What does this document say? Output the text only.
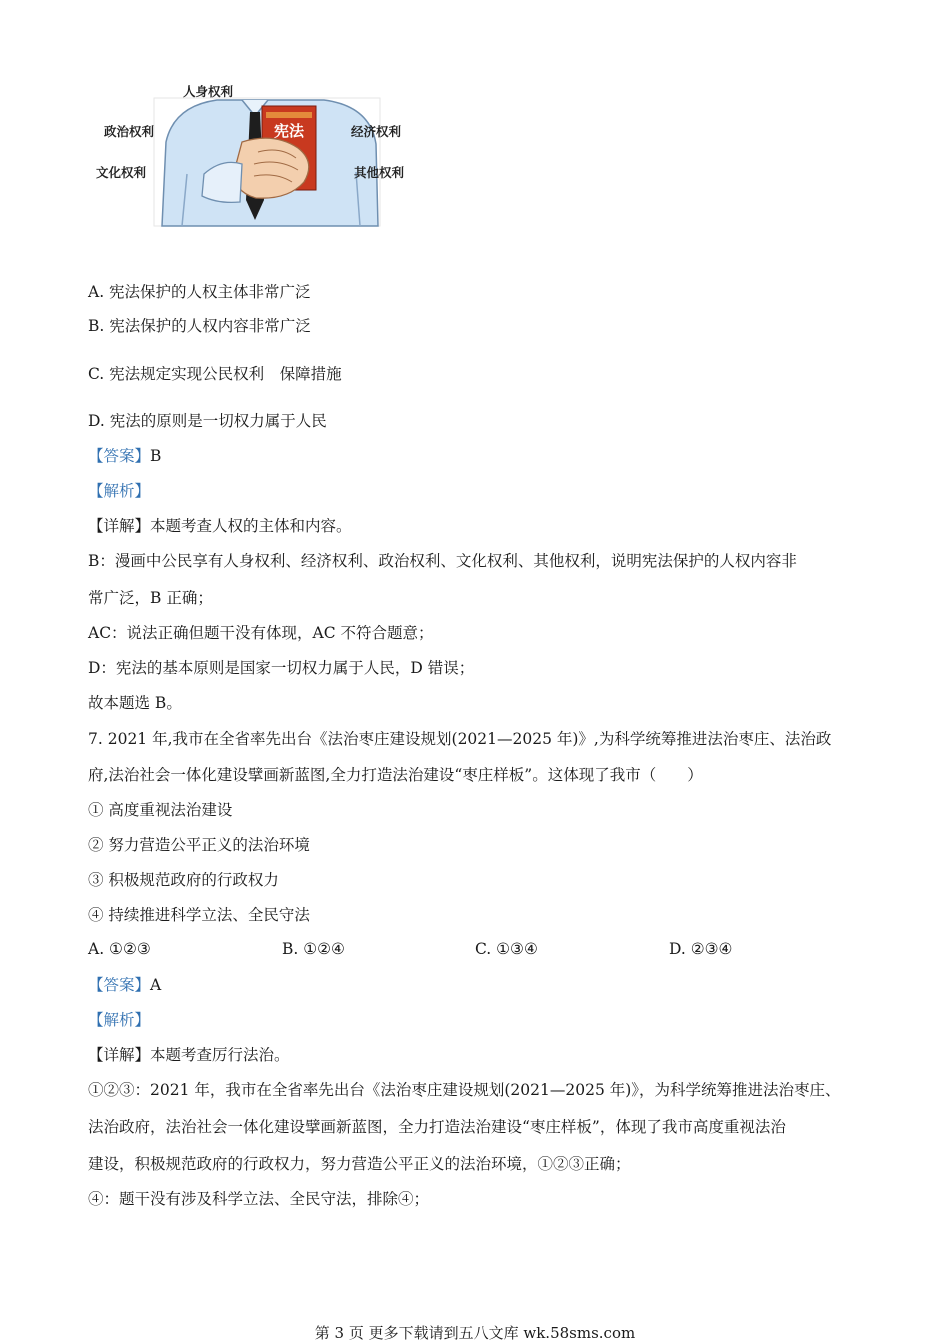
宪法
人身权利
政治权利
文化权利
经济权利
其他权利
A. 宪法保护的人权主体非常广泛
B. 宪法保护的人权内容非常广泛
C. 宪法规定实现公民权利　保障措施
D. 宪法的原则是一切权力属于人民
【答案】B
【解析】
【详解】本题考查人权的主体和内容。
B：漫画中公民享有人身权利、经济权利、政治权利、文化权利、其他权利，说明宪法保护的人权内容非
常广泛，B 正确；
AC：说法正确但题干没有体现，AC 不符合题意；
D：宪法的基本原则是国家一切权力属于人民，D 错误；
故本题选 B。
7. 2021 年,我市在全省率先出台《法治枣庄建设规划(2021—2025 年)》,为科学统筹推进法治枣庄、法治政
府,法治社会一体化建设擘画新蓝图,全力打造法治建设“枣庄样板”。这体现了我市（　　）
① 高度重视法治建设
② 努力营造公平正义的法治环境
③ 积极规范政府的行政权力
④ 持续推进科学立法、全民守法
A. ①②③	B. ①②④	C. ①③④	D. ②③④
【答案】A
【解析】
【详解】本题考查厉行法治。
①②③：2021 年，我市在全省率先出台《法治枣庄建设规划(2021—2025 年)》，为科学统筹推进法治枣庄、
法治政府，法治社会一体化建设擘画新蓝图，全力打造法治建设“枣庄样板”，体现了我市高度重视法治
建设，积极规范政府的行政权力，努力营造公平正义的法治环境，①②③正确；
④：题干没有涉及科学立法、全民守法，排除④；
第 3 页 更多下载请到五八文库 wk.58sms.com
